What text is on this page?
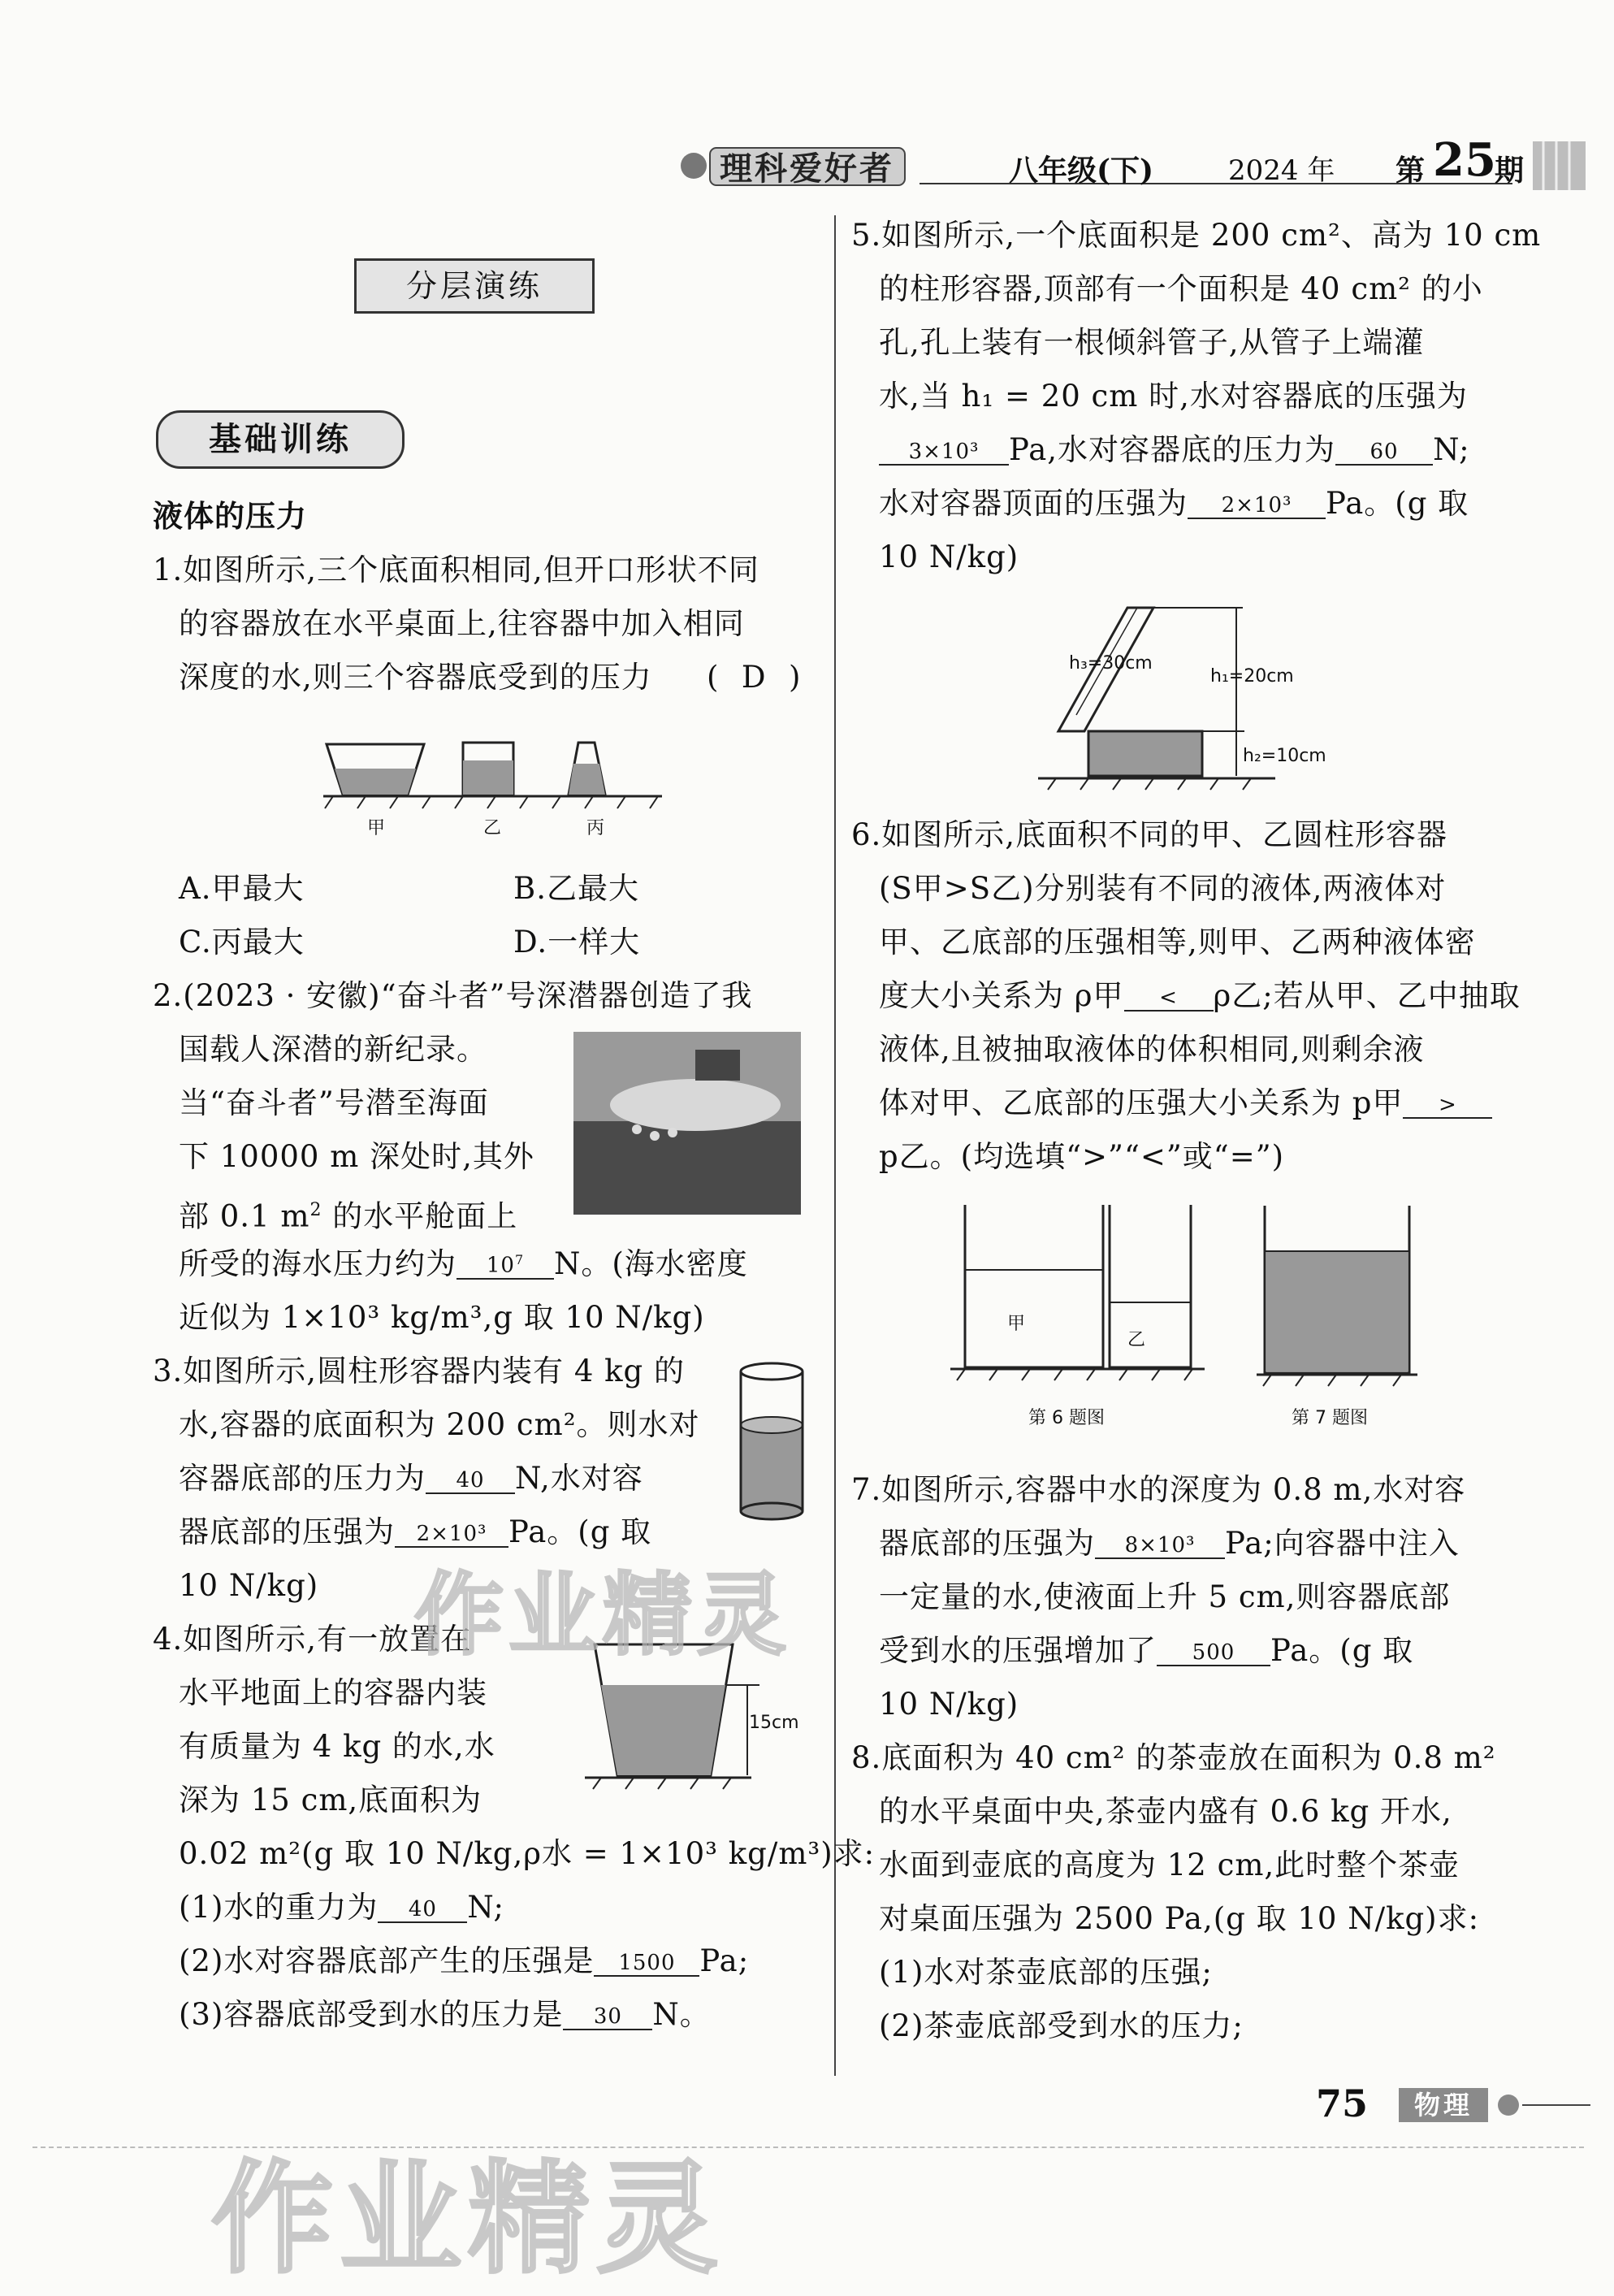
理科爱好者	八年级(下)	2024 年 第 25
期
分层演练
基础训练
液体的压力
1.如图所示,三个底面积相同,但开口形状不同
的容器放在水平桌面上,往容器中加入相同
深度的水,则三个容器底受到的压力 ( D )
甲	乙	丙
A.甲最大	B.乙最大
C.丙最大	D.一样大
2.(2023 · 安徽)“奋斗者”号深潜器创造了我
国载人深潜的新纪录。
当“奋斗者”号潜至海面
下 10000 m 深处时,其外
部 0.1 $m^2$ 的水平舱面上
所受的海水压力约为 $10^7$ N。(海水密度
近似为 1×10³ kg/m³,g 取 10 N/kg)
3.如图所示,圆柱形容器内装有 4 kg 的
水,容器的底面积为 200 cm²。则水对
容器底部的压力为 40 N,水对容
器底部的压强为 2×10³ Pa。(g 取
10 N/kg)
4.如图所示,有一放置在
水平地面上的容器内装
有质量为 4 kg 的水,水
深为 15 cm,底面积为
0.02 m²(g 取 10 N/kg,ρ水 = 1×10³ kg/m³)求:
(1)水的重力为 40 N;
(2)水对容器底部产生的压强是 1500 Pa;
(3)容器底部受到水的压力是 30 N。
15cm
5.如图所示,一个底面积是 200 cm²、高为 10 cm
的柱形容器,顶部有一个面积是 40 cm² 的小
孔,孔上装有一根倾斜管子,从管子上端灌
水,当 h₁ = 20 cm 时,水对容器底的压强为
3×10³ Pa,水对容器底的压力为 60 N;
水对容器顶面的压强为 2×10³ Pa。(g 取
10 N/kg)
h₃=30cm
h₁=20cm
h₂=10cm
6.如图所示,底面积不同的甲、乙圆柱形容器
(S甲>S乙)分别装有不同的液体,两液体对
甲、乙底部的压强相等,则甲、乙两种液体密
度大小关系为 ρ甲 < ρ乙;若从甲、乙中抽取
液体,且被抽取液体的体积相同,则剩余液
体对甲、乙底部的压强大小关系为 p甲 >
p乙。(均选填“>”“<”或“=”)
甲
乙
第 6 题图	第 7 题图
7.如图所示,容器中水的深度为 0.8 m,水对容
器底部的压强为 8×10³ Pa;向容器中注入
一定量的水,使液面上升 5 cm,则容器底部
受到水的压强增加了 500 Pa。(g 取
10 N/kg)
8.底面积为 40 cm² 的茶壶放在面积为 0.8 m²
的水平桌面中央,茶壶内盛有 0.6 kg 开水,
水面到壶底的高度为 12 cm,此时整个茶壶
对桌面压强为 2500 Pa,(g 取 10 N/kg)求:
(1)水对茶壶底部的压强;
(2)茶壶底部受到水的压力;
75	物理
作业精灵
作业精灵
